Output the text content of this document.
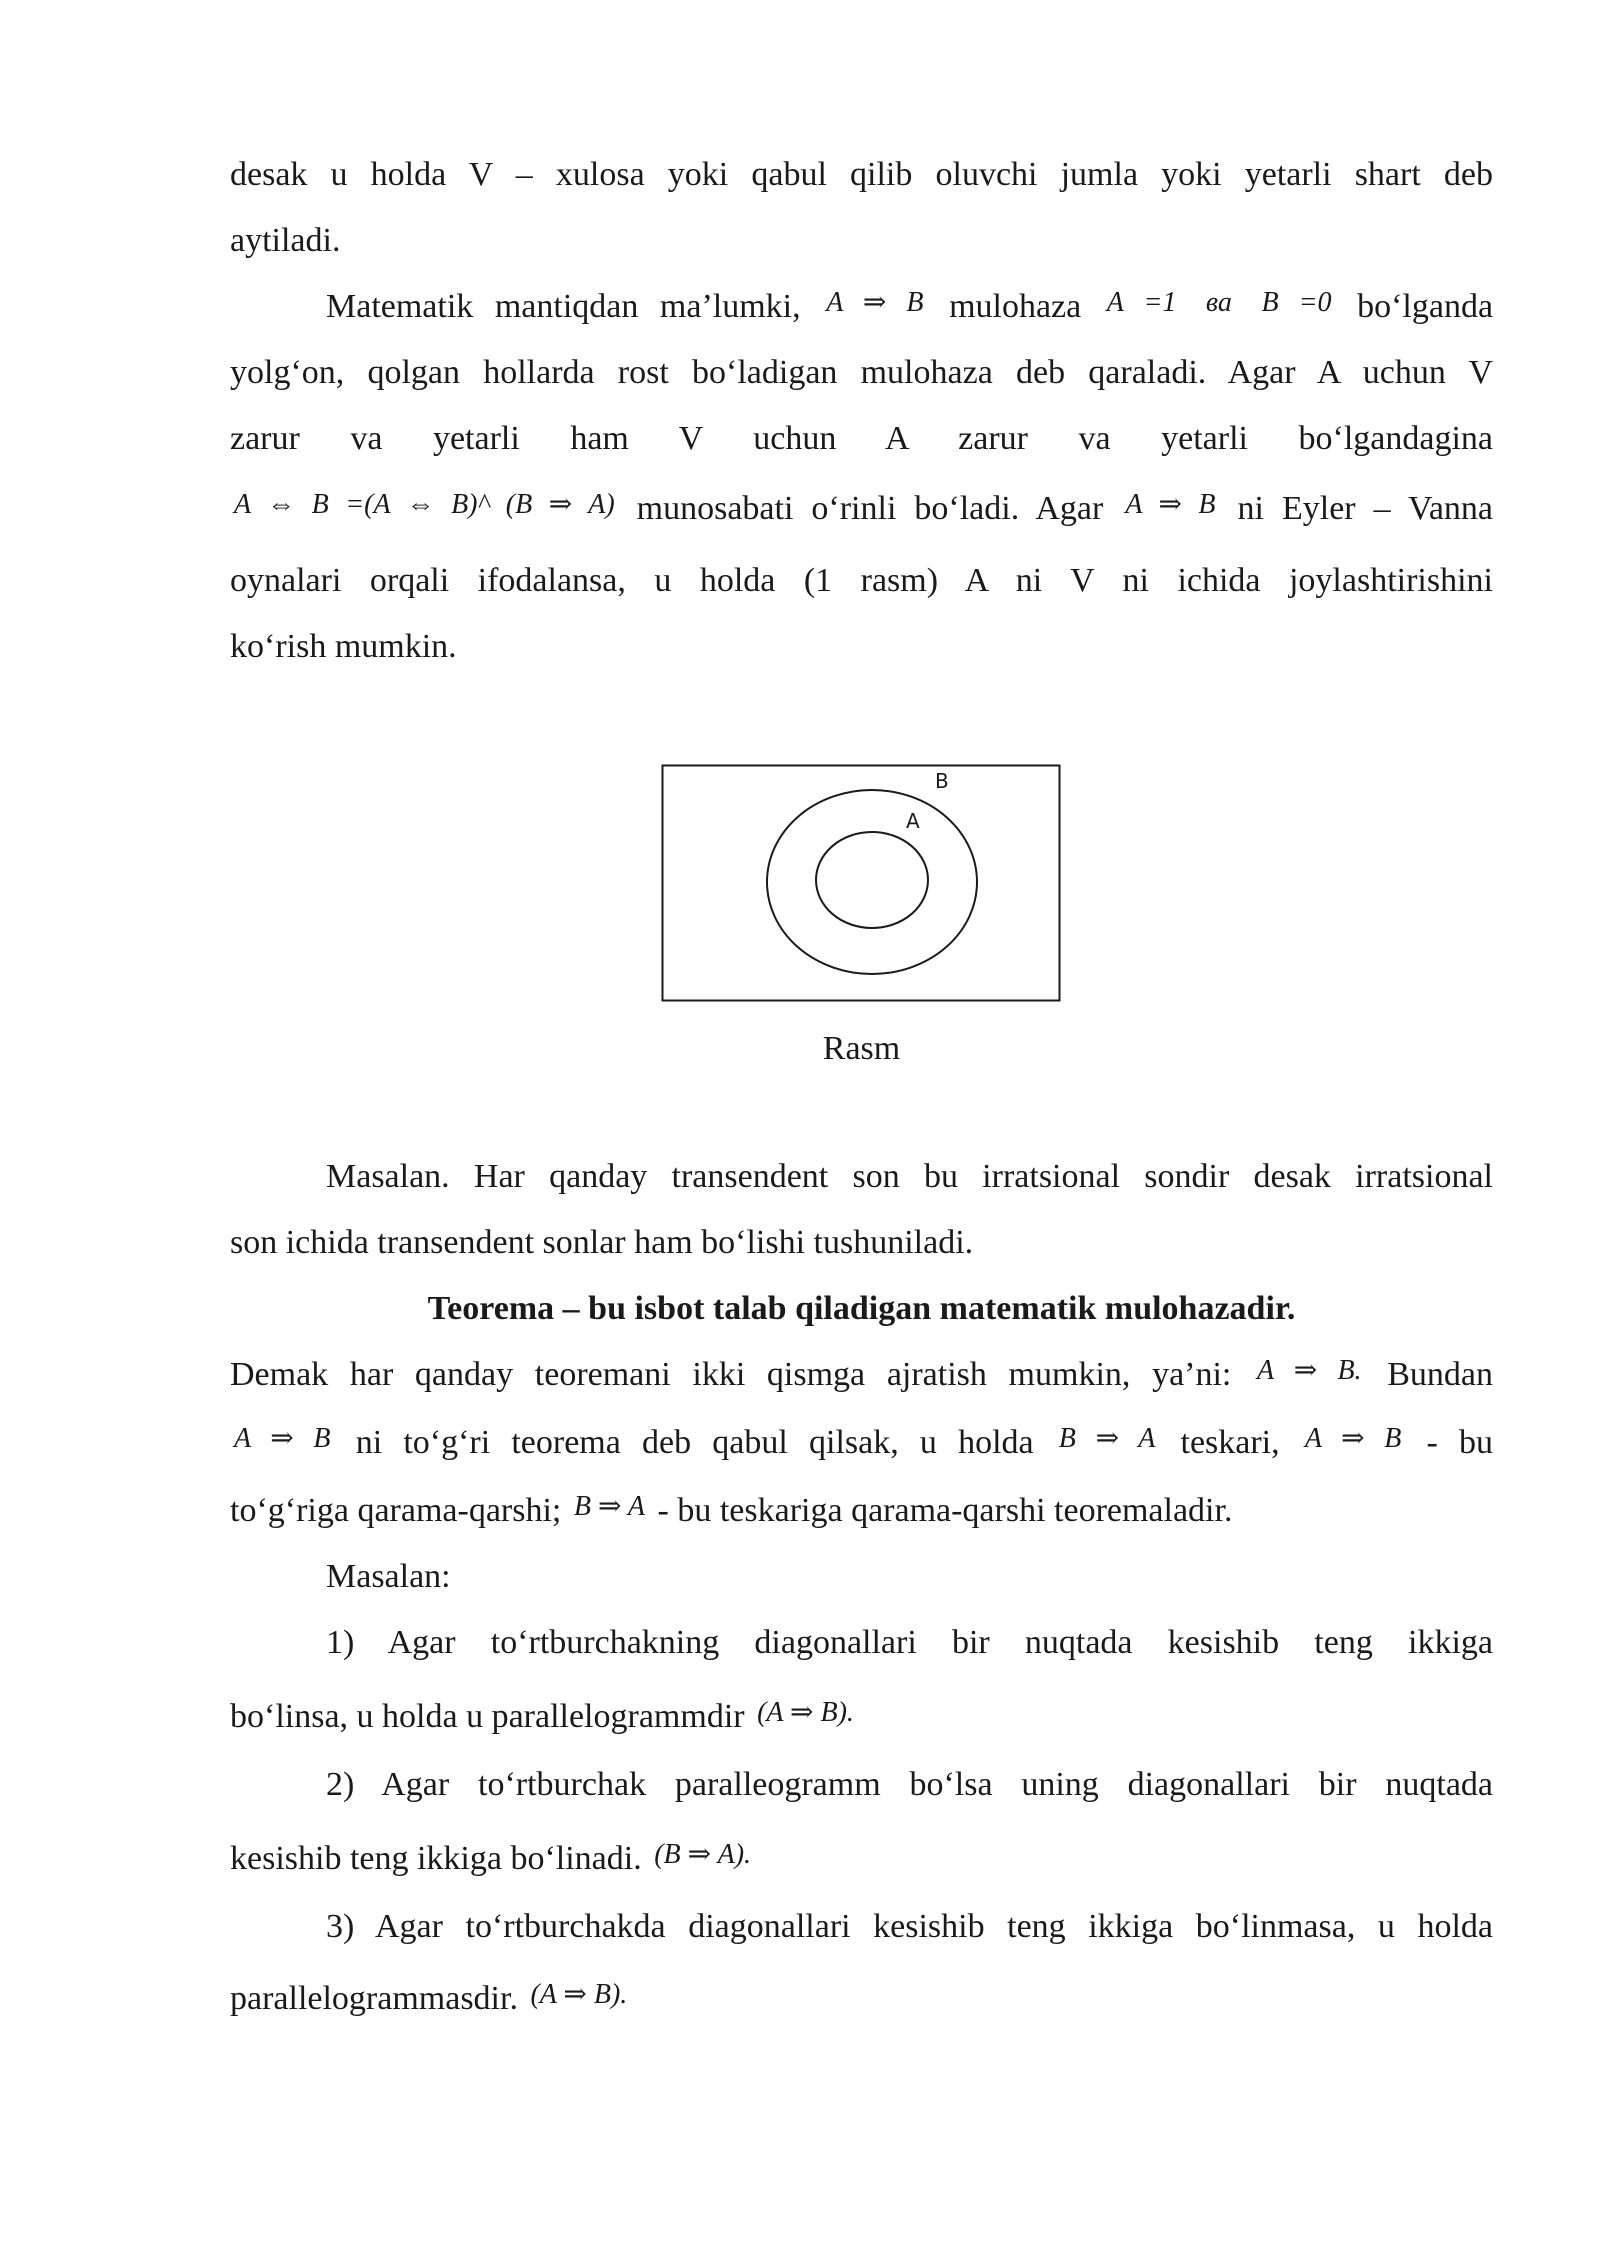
desak u holda V – xulosa yoki qabul qilib oluvchi jumla yoki yetarli shart deb

aytiladi.

Matematik mantiqdan ma’lumki, A ⇒ B mulohaza A =1 ва B =0 bo‘lganda

yolg‘on, qolgan hollarda rost bo‘ladigan mulohaza deb qaraladi. Agar A uchun V

zarur va yetarli ham V uchun A zarur va yetarli bo‘lgandagina

A ⇔ B =(A ⇔ B)^ (B ⇒ A) munosabati o‘rinli bo‘ladi. Agar A ⇒ B ni Eyler – Vanna

oynalari orqali ifodalansa, u holda (1 rasm) A ni V ni ichida joylashtirishini

ko‘rish mumkin.

B
A
Rasm

Masalan. Har qanday transendent son bu irratsional sondir desak irratsional

son ichida transendent sonlar ham bo‘lishi tushuniladi.

Teorema – bu isbot talab qiladigan matematik mulohazadir.

Demak har qanday teoremani ikki qismga ajratish mumkin, ya’ni: A ⇒ B. Bundan

A ⇒ B ni to‘g‘ri teorema deb qabul qilsak, u holda B ⇒ A teskari, A ⇒ B - bu

to‘g‘riga qarama-qarshi; B ⇒ A - bu teskariga qarama-qarshi teoremaladir.

Masalan:

1) Agar to‘rtburchakning diagonallari bir nuqtada kesishib teng ikkiga

bo‘linsa, u holda u parallelogrammdir (A ⇒ B).

2) Agar to‘rtburchak paralleogramm bo‘lsa uning diagonallari bir nuqtada

kesishib teng ikkiga bo‘linadi. (B ⇒ A).

3) Agar to‘rtburchakda diagonallari kesishib teng ikkiga bo‘linmasa, u holda

parallelogrammasdir. (A ⇒ B).
